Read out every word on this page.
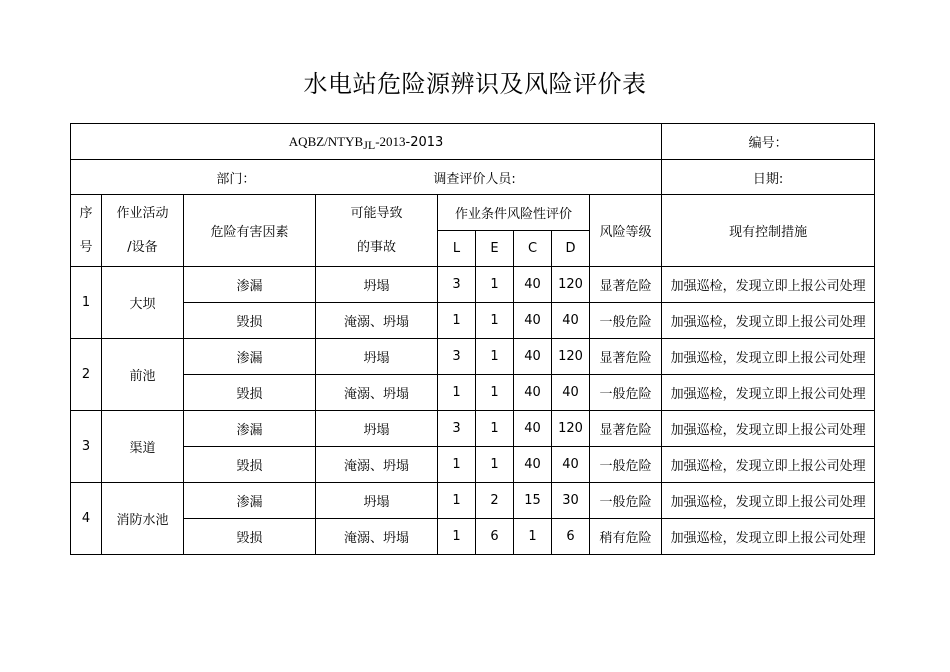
水电站危险源辨识及风险评价表
AQBZ/NTYBJL-2013-2013									编号：
部门： 调查评价人员:									日期:

序
号	作业活动
/设备	危险有害因素	可能导致
的事故	作业条件风险性评价				风险等级	现有控制措施
				L	E	C	D		
1	大坝	渗漏	坍塌	3	1	40	120	显著危险	加强巡检，发现立即上报公司处理
		毁损	淹溺、坍塌	1	1	40	40	一般危险	加强巡检，发现立即上报公司处理
2	前池	渗漏	坍塌	3	1	40	120	显著危险	加强巡检，发现立即上报公司处理
		毁损	淹溺、坍塌	1	1	40	40	一般危险	加强巡检，发现立即上报公司处理
3	渠道	渗漏	坍塌	3	1	40	120	显著危险	加强巡检，发现立即上报公司处理
		毁损	淹溺、坍塌	1	1	40	40	一般危险	加强巡检，发现立即上报公司处理
4	消防水池	渗漏	坍塌	1	2	15	30	一般危险	加强巡检，发现立即上报公司处理
		毁损	淹溺、坍塌	1	6	1	6	稍有危险	加强巡检，发现立即上报公司处理
